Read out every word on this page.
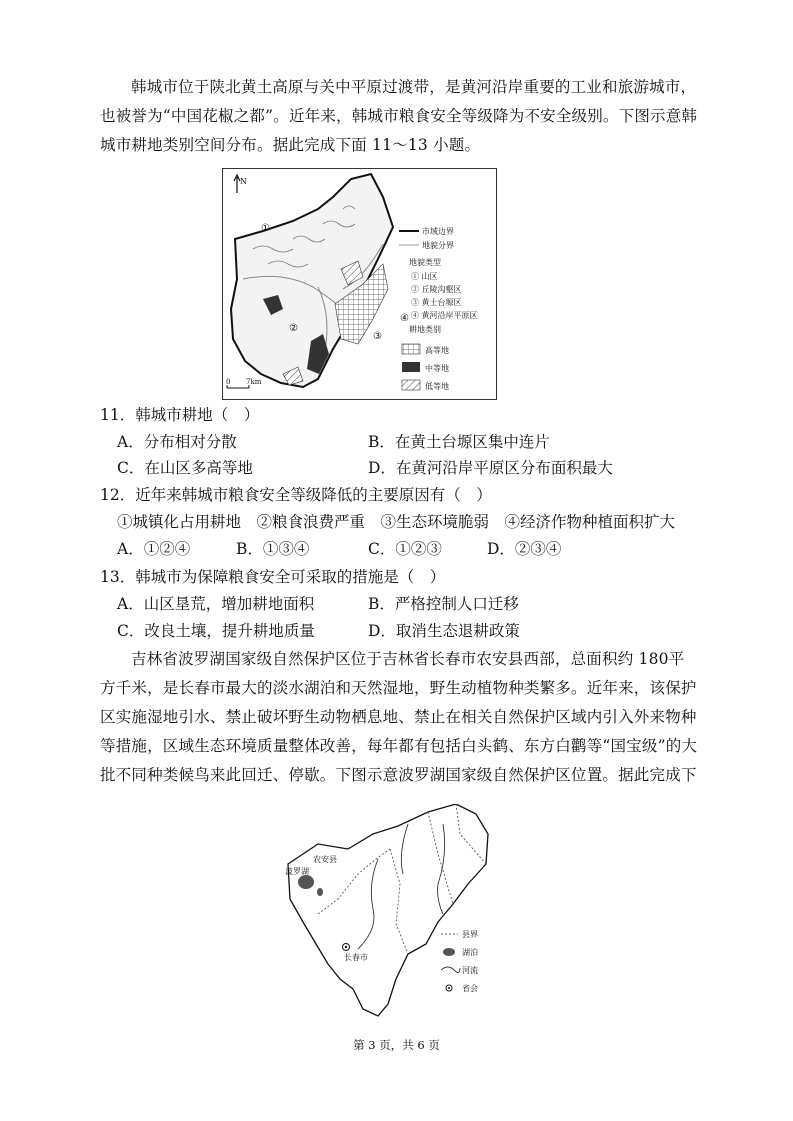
韩城市位于陕北黄土高原与关中平原过渡带，是黄河沿岸重要的工业和旅游城市，也被誉为“中国花椒之都”。近年来，韩城市粮食安全等级降为不安全级别。下图示意韩城市耕地类别空间分布。据此完成下面 11～13 小题。
N
①
②
③
④
0 7km
市域边界
地貌分界
地貌类型
① 山区
② 丘陵沟壑区
③ 黄土台塬区
④ 黄河沿岸平原区
耕地类别
高等地
中等地
低等地
11．韩城市耕地（　）
A．分布相对分散	B．在黄土台塬区集中连片
C．在山区多高等地	D．在黄河沿岸平原区分布面积最大
12．近年来韩城市粮食安全等级降低的主要原因有（　）
①城镇化占用耕地　②粮食浪费严重　③生态环境脆弱　④经济作物种植面积扩大
A．①②④	B．①③④	C．①②③	D．②③④
13．韩城市为保障粮食安全可采取的措施是（　）
A．山区垦荒，增加耕地面积	B．严格控制人口迁移
C．改良土壤，提升耕地质量	D．取消生态退耕政策
吉林省波罗湖国家级自然保护区位于吉林省长春市农安县西部，总面积约 180平方千米，是长春市最大的淡水湖泊和天然湿地，野生动植物种类繁多。近年来，该保护区实施湿地引水、禁止破坏野生动物栖息地、禁止在相关自然保护区域内引入外来物种等措施，区域生态环境质量整体改善，每年都有包括白头鹤、东方白鹳等“国宝级”的大批不同种类候鸟来此回迁、停歇。下图示意波罗湖国家级自然保护区位置。据此完成下
农安县
波罗湖
长春市
县界
湖泊
河流
省会
第 3 页，共 6 页
